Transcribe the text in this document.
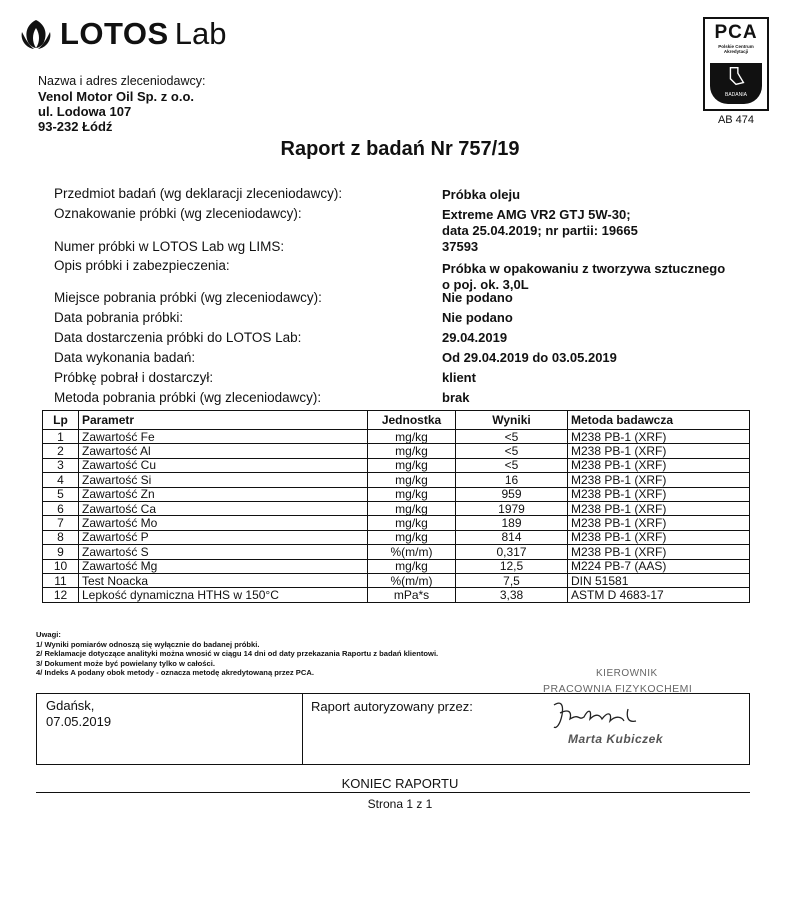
LOTOS Lab	PCA
Polskie Centrum
Akredytacji
BADANIA
AB 474
Nazwa i adres zleceniodawcy:
Venol Motor Oil Sp. z o.o.
ul. Lodowa 107
93-232 Łódź
Raport z badań Nr 757/19
Przedmiot badań (wg deklaracji zleceniodawcy):	Próbka oleju
Oznakowanie próbki (wg zleceniodawcy):	Extreme AMG VR2 GTJ 5W-30;
data 25.04.2019; nr partii: 19665
Numer próbki w LOTOS Lab wg LIMS:	37593
Opis próbki i zabezpieczenia:	Próbka w opakowaniu z tworzywa sztucznego
o poj. ok. 3,0L
Miejsce pobrania próbki (wg zleceniodawcy):	Nie podano
Data pobrania próbki:	Nie podano
Data dostarczenia próbki do LOTOS Lab:	29.04.2019
Data wykonania badań:	Od 29.04.2019 do 03.05.2019
Próbkę pobrał i dostarczył:	klient
Metoda pobrania próbki (wg zleceniodawcy):	brak
Lp	Parametr	Jednostka	Wyniki	Metoda badawcza
1	Zawartość Fe	mg/kg	<5	M238 PB-1 (XRF)
2	Zawartość Al	mg/kg	<5	M238 PB-1 (XRF)
3	Zawartość Cu	mg/kg	<5	M238 PB-1 (XRF)
4	Zawartość Si	mg/kg	16	M238 PB-1 (XRF)
5	Zawartość Zn	mg/kg	959	M238 PB-1 (XRF)
6	Zawartość Ca	mg/kg	1979	M238 PB-1 (XRF)
7	Zawartość Mo	mg/kg	189	M238 PB-1 (XRF)
8	Zawartość P	mg/kg	814	M238 PB-1 (XRF)
9	Zawartość S	%(m/m)	0,317	M238 PB-1 (XRF)
10	Zawartość Mg	mg/kg	12,5	M224 PB-7 (AAS)
11	Test Noacka	%(m/m)	7,5	DIN 51581
12	Lepkość dynamiczna HTHS w 150°C	mPa*s	3,38	ASTM D 4683-17
Uwagi:
1/ Wyniki pomiarów odnoszą się wyłącznie do badanej próbki.
2/ Reklamacje dotyczące analityki można wnosić w ciągu 14 dni od daty przekazania Raportu z badań klientowi.
3/ Dokument może być powielany tylko w całości.
4/ Indeks A podany obok metody - oznacza metodę akredytowaną przez PCA.	KIEROWNIK
PRACOWNIA FIZYKOCHEMI
Gdańsk,
07.05.2019
Raport autoryzowany przez:
Marta Kubiczek
KONIEC RAPORTU
Strona 1 z 1
